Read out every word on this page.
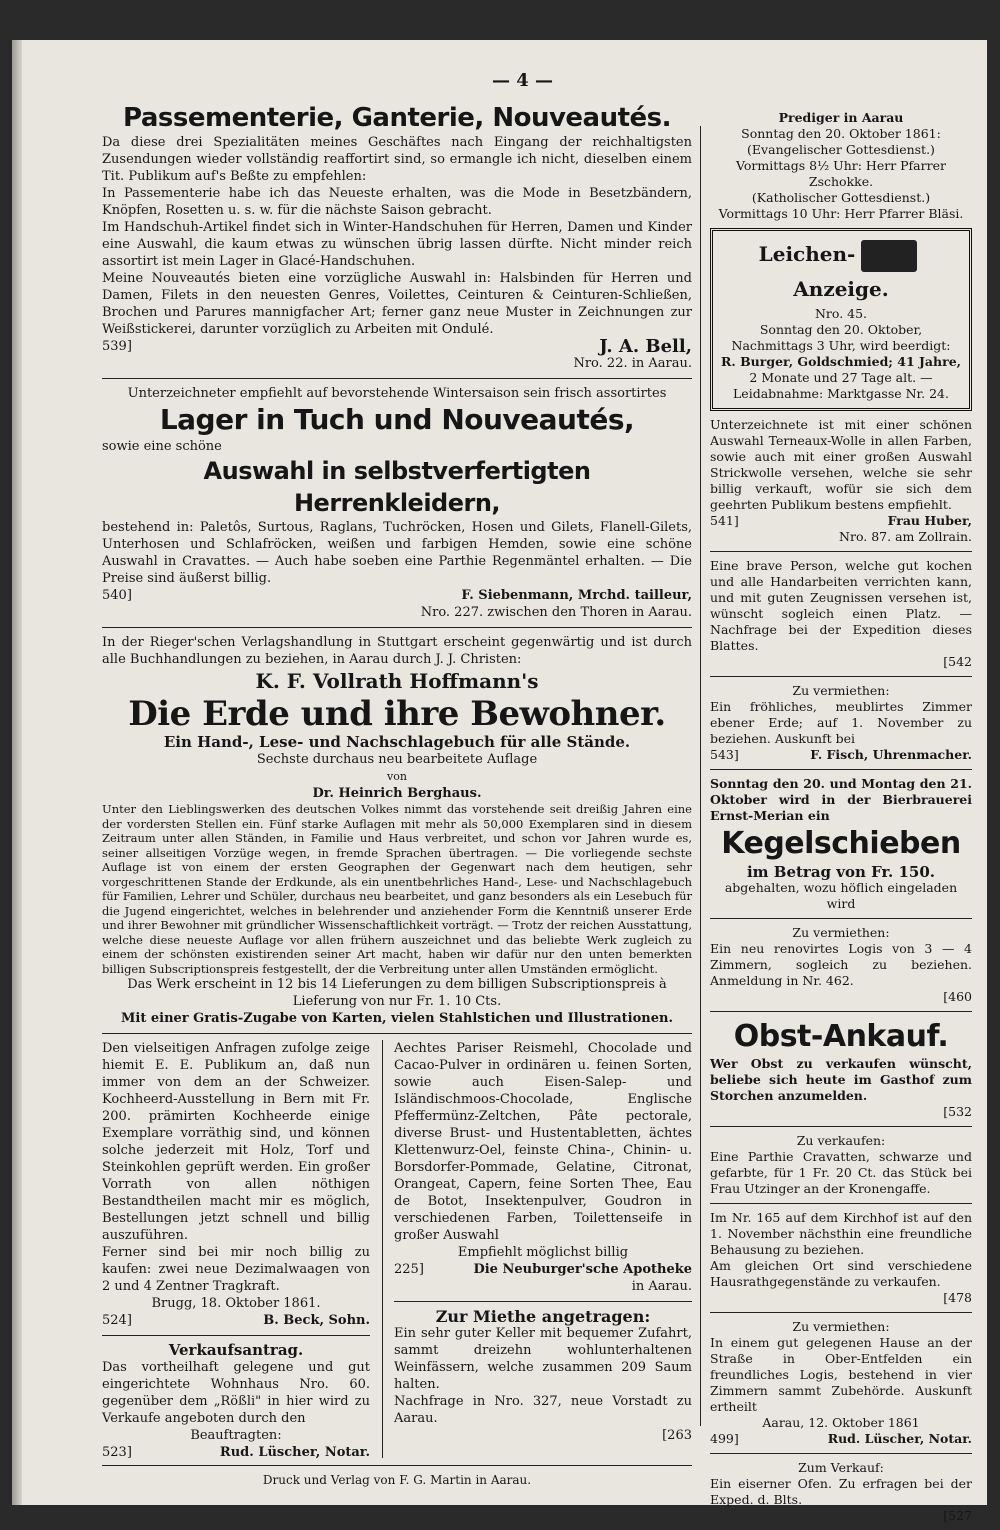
— 4 —
Passementerie, Ganterie, Nouveautés.

Da diese drei Spezialitäten meines Geschäftes nach Eingang der reichhaltigsten Zusendungen wieder vollständig reaffortirt sind, so ermangle ich nicht, dieselben einem Tit. Publikum auf's Beßte zu empfehlen:

In Passementerie habe ich das Neueste erhalten, was die Mode in Besetzbändern, Knöpfen, Rosetten u. s. w. für die nächste Saison gebracht.

Im Handschuh-Artikel findet sich in Winter-Handschuhen für Herren, Damen und Kinder eine Auswahl, die kaum etwas zu wünschen übrig lassen dürfte. Nicht minder reich assortirt ist mein Lager in Glacé-Handschuhen.

Meine Nouveautés bieten eine vorzügliche Auswahl in: Halsbinden für Herren und Damen, Filets in den neuesten Genres, Voilettes, Ceinturen & Ceinturen-Schließen, Brochen und Parures mannigfacher Art; ferner ganz neue Muster in Zeichnungen zur Weißstickerei, darunter vorzüglich zu Arbeiten mit Ondulé.

539]	J. A. Bell,
Nro. 22. in Aarau.

Unterzeichneter empfiehlt auf bevorstehende Wintersaison sein frisch assortirtes

Lager in Tuch und Nouveautés,

sowie eine schöne

Auswahl in selbstverfertigten Herrenkleidern,

bestehend in: Paletôs, Surtous, Raglans, Tuchröcken, Hosen und Gilets, Flanell-Gilets, Unterhosen und Schlafröcken, weißen und farbigen Hemden, sowie eine schöne Auswahl in Cravattes. — Auch habe soeben eine Parthie Regenmäntel erhalten. — Die Preise sind äußerst billig.

540]	F. Siebenmann, Mrchd. tailleur,
Nro. 227. zwischen den Thoren in Aarau.

In der Rieger'schen Verlagshandlung in Stuttgart erscheint gegenwärtig und ist durch alle Buchhandlungen zu beziehen, in Aarau durch J. J. Christen:

K. F. Vollrath Hoffmann's
Die Erde und ihre Bewohner.
Ein Hand-, Lese- und Nachschlagebuch für alle Stände.
Sechste durchaus neu bearbeitete Auflage
von
Dr. Heinrich Berghaus.

Unter den Lieblingswerken des deutschen Volkes nimmt das vorstehende seit dreißig Jahren eine der vordersten Stellen ein. Fünf starke Auflagen mit mehr als 50,000 Exemplaren sind in diesem Zeitraum unter allen Ständen, in Familie und Haus verbreitet, und schon vor Jahren wurde es, seiner allseitigen Vorzüge wegen, in fremde Sprachen übertragen. — Die vorliegende sechste Auflage ist von einem der ersten Geographen der Gegenwart nach dem heutigen, sehr vorgeschrittenen Stande der Erdkunde, als ein unentbehrliches Hand-, Lese- und Nachschlagebuch für Familien, Lehrer und Schüler, durchaus neu bearbeitet, und ganz besonders als ein Lesebuch für die Jugend eingerichtet, welches in belehrender und anziehender Form die Kenntniß unserer Erde und ihrer Bewohner mit gründlicher Wissenschaftlichkeit vorträgt. — Trotz der reichen Ausstattung, welche diese neueste Auflage vor allen frühern auszeichnet und das beliebte Werk zugleich zu einem der schönsten existirenden seiner Art macht, haben wir dafür nur den unten bemerkten billigen Subscriptionspreis festgestellt, der die Verbreitung unter allen Umständen ermöglicht.

Das Werk erscheint in 12 bis 14 Lieferungen zu dem billigen Subscriptionspreis à Lieferung von nur Fr. 1. 10 Cts.

Mit einer Gratis-Zugabe von Karten, vielen Stahlstichen und Illustrationen.

Den vielseitigen Anfragen zufolge zeige hiemit E. E. Publikum an, daß nun immer von dem an der Schweizer. Kochheerd-Ausstellung in Bern mit Fr. 200. prämirten Kochheerde einige Exemplare vorräthig sind, und können solche jederzeit mit Holz, Torf und Steinkohlen geprüft werden. Ein großer Vorrath von allen nöthigen Bestandtheilen macht mir es möglich, Bestellungen jetzt schnell und billig auszuführen.

Ferner sind bei mir noch billig zu kaufen: zwei neue Dezimalwaagen von 2 und 4 Zentner Tragkraft.

Brugg, 18. Oktober 1861.

524]	B. Beck, Sohn.
Verkaufsantrag.

Das vortheilhaft gelegene und gut eingerichtete Wohnhaus Nro. 60. gegenüber dem „Rößli" in hier wird zu Verkaufe angeboten durch den

Beauftragten:

523]	Rud. Lüscher, Notar.

Aechtes Pariser Reismehl, Chocolade und Cacao-Pulver in ordinären u. feinen Sorten, sowie auch Eisen-Salep- und Isländischmoos-Chocolade, Englische Pfeffermünz-Zeltchen, Pâte pectorale, diverse Brust- und Hustentabletten, ächtes Klettenwurz-Oel, feinste China-, Chinin- u. Borsdorfer-Pommade, Gelatine, Citronat, Orangeat, Capern, feine Sorten Thee, Eau de Botot, Insektenpulver, Goudron in verschiedenen Farben, Toilettenseife in großer Auswahl

Empfiehlt möglichst billig

225]	Die Neuburger'sche Apotheke
in Aarau.
Zur Miethe angetragen:

Ein sehr guter Keller mit bequemer Zufahrt, sammt dreizehn wohlunterhaltenen Weinfässern, welche zusammen 209 Saum halten.

Nachfrage in Nro. 327, neue Vorstadt zu Aarau.

[263
Druck und Verlag von F. G. Martin in Aarau.
Prediger in Aarau
Sonntag den 20. Oktober 1861:
(Evangelischer Gottesdienst.)
Vormittags 8½ Uhr: Herr Pfarrer Zschokke.
(Katholischer Gottesdienst.)
Vormittags 10 Uhr: Herr Pfarrer Bläsi.
Leichen-Anzeige.
Nro. 45.
Sonntag den 20. Oktober,
Nachmittags 3 Uhr, wird beerdigt:
R. Burger, Goldschmied; 41 Jahre,
2 Monate und 27 Tage alt. —
Leidabnahme: Marktgasse Nr. 24.

Unterzeichnete ist mit einer schönen Auswahl Terneaux-Wolle in allen Farben, sowie auch mit einer großen Auswahl Strickwolle versehen, welche sie sehr billig verkauft, wofür sie sich dem geehrten Publikum bestens empfiehlt.

541]	Frau Huber,
Nro. 87. am Zollrain.

Eine brave Person, welche gut kochen und alle Handarbeiten verrichten kann, und mit guten Zeugnissen versehen ist, wünscht sogleich einen Platz. — Nachfrage bei der Expedition dieses Blattes.

[542
Zu vermiethen:

Ein fröhliches, meublirtes Zimmer ebener Erde; auf 1. November zu beziehen. Auskunft bei

543]	F. Fisch, Uhrenmacher.

Sonntag den 20. und Montag den 21. Oktober wird in der Bierbrauerei Ernst-Merian ein

Kegelschieben
im Betrag von Fr. 150.

abgehalten, wozu höflich eingeladen wird

Zu vermiethen:

Ein neu renovirtes Logis von 3 — 4 Zimmern, sogleich zu beziehen. Anmeldung in Nr. 462.

[460
Obst-Ankauf.

Wer Obst zu verkaufen wünscht, beliebe sich heute im Gasthof zum Storchen anzumelden.

[532
Zu verkaufen:

Eine Parthie Cravatten, schwarze und gefarbte, für 1 Fr. 20 Ct. das Stück bei Frau Utzinger an der Kronengaffe.

Im Nr. 165 auf dem Kirchhof ist auf den 1. November nächsthin eine freundliche Behausung zu beziehen.

Am gleichen Ort sind verschiedene Hausrathgegenstände zu verkaufen.

[478
Zu vermiethen:

In einem gut gelegenen Hause an der Straße in Ober-Entfelden ein freundliches Logis, bestehend in vier Zimmern sammt Zubehörde. Auskunft ertheilt

Aarau, 12. Oktober 1861

499]	Rud. Lüscher, Notar.
Zum Verkauf:

Ein eiserner Ofen. Zu erfragen bei der Exped. d. Blts.

[527
